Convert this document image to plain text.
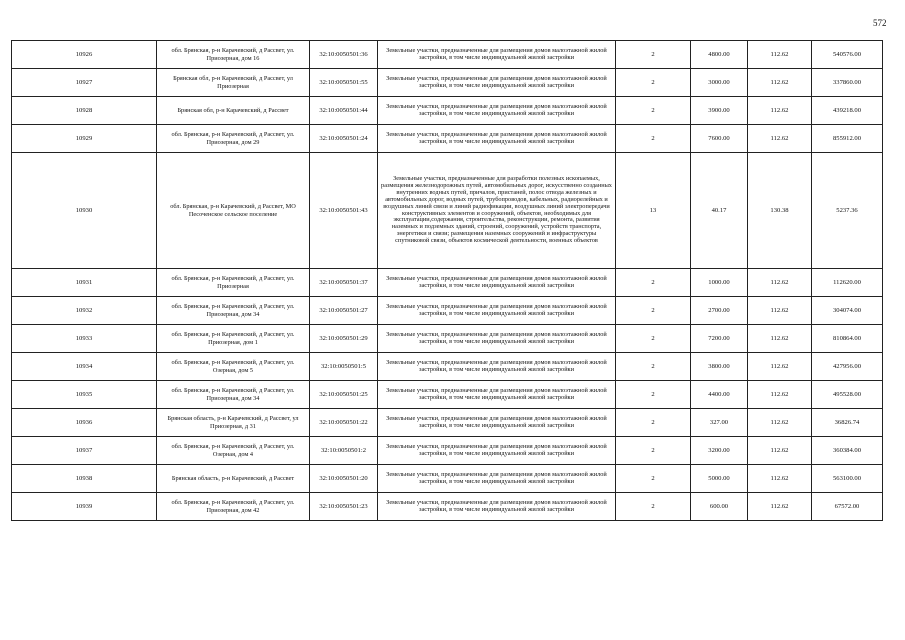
572
10926	обл. Брянская, р-н Карачевский, д Рассвет, ул. Приозерная, дом 16	32:10:0050501:36	Земельные участки, предназначенные для размещения домов малоэтажной жилой застройки, в том числе индивидуальной жилой застройки	2	4800.00	112.62	540576.00
10927	Брянская обл, р-н Карачевский, д Рассвет, ул Приозерная	32:10:0050501:55	Земельные участки, предназначенные для размещения домов малоэтажной жилой застройки, в том числе индивидуальной жилой застройки	2	3000.00	112.62	337860.00
10928	Брянская обл, р-н Карачевский, д Рассвет	32:10:0050501:44	Земельные участки, предназначенные для размещения домов малоэтажной жилой застройки, в том числе индивидуальной жилой застройки	2	3900.00	112.62	439218.00
10929	обл. Брянская, р-н Карачевский, д Рассвет, ул. Приозерная, дом 29	32:10:0050501:24	Земельные участки, предназначенные для размещения домов малоэтажной жилой застройки, в том числе индивидуальной жилой застройки	2	7600.00	112.62	855912.00
10930	обл. Брянская, р-н Карачевский, д Рассвет, МО Песоченское сельское поселение	32:10:0050501:43	Земельные участки, предназначенные для разработки полезных ископаемых, размещения железнодорожных путей, автомобильных дорог, искусственно созданных внутренних водных путей, причалов, пристаней, полос отвода железных и автомобильных дорог, водных путей, трубопроводов, кабельных, радиорелейных и воздушных линий связи и линий радиофикации, воздушных линий электропередачи конструктивных элементов и сооружений, объектов, необходимых для эксплуатации,содержания, строительства, реконструкции, ремонта, развития наземных и подземных зданий, строений, сооружений, устройств транспорта, энергетики и связи; размещения наземных сооружений и инфраструктуры спутниковой связи, объектов космической деятельности, военных объектов	13	40.17	130.38	5237.36
10931	обл. Брянская, р-н Карачевский, д Рассвет, ул. Приозерная	32:10:0050501:37	Земельные участки, предназначенные для размещения домов малоэтажной жилой застройки, в том числе индивидуальной жилой застройки	2	1000.00	112.62	112620.00
10932	обл. Брянская, р-н Карачевский, д Рассвет, ул. Приозерная, дом 34	32:10:0050501:27	Земельные участки, предназначенные для размещения домов малоэтажной жилой застройки, в том числе индивидуальной жилой застройки	2	2700.00	112.62	304074.00
10933	обл. Брянская, р-н Карачевский, д Рассвет, ул. Приозерная, дом 1	32:10:0050501:29	Земельные участки, предназначенные для размещения домов малоэтажной жилой застройки, в том числе индивидуальной жилой застройки	2	7200.00	112.62	810864.00
10934	обл. Брянская, р-н Карачевский, д Рассвет, ул. Озерная, дом 5	32:10:0050501:5	Земельные участки, предназначенные для размещения домов малоэтажной жилой застройки, в том числе индивидуальной жилой застройки	2	3800.00	112.62	427956.00
10935	обл. Брянская, р-н Карачевский, д Рассвет, ул. Приозерная, дом 34	32:10:0050501:25	Земельные участки, предназначенные для размещения домов малоэтажной жилой застройки, в том числе индивидуальной жилой застройки	2	4400.00	112.62	495528.00
10936	Брянская область, р-н Карачевский, д Рассвет, ул Приозерная, д 31	32:10:0050501:22	Земельные участки, предназначенные для размещения домов малоэтажной жилой застройки, в том числе индивидуальной жилой застройки	2	327.00	112.62	36826.74
10937	обл. Брянская, р-н Карачевский, д Рассвет, ул. Озерная, дом 4	32:10:0050501:2	Земельные участки, предназначенные для размещения домов малоэтажной жилой застройки, в том числе индивидуальной жилой застройки	2	3200.00	112.62	360384.00
10938	Брянская область, р-н Карачевский, д Рассвет	32:10:0050501:20	Земельные участки, предназначенные для размещения домов малоэтажной жилой застройки, в том числе индивидуальной жилой застройки	2	5000.00	112.62	563100.00
10939	обл. Брянская, р-н Карачевский, д Рассвет, ул. Приозерная, дом 42	32:10:0050501:23	Земельные участки, предназначенные для размещения домов малоэтажной жилой застройки, в том числе индивидуальной жилой застройки	2	600.00	112.62	67572.00
